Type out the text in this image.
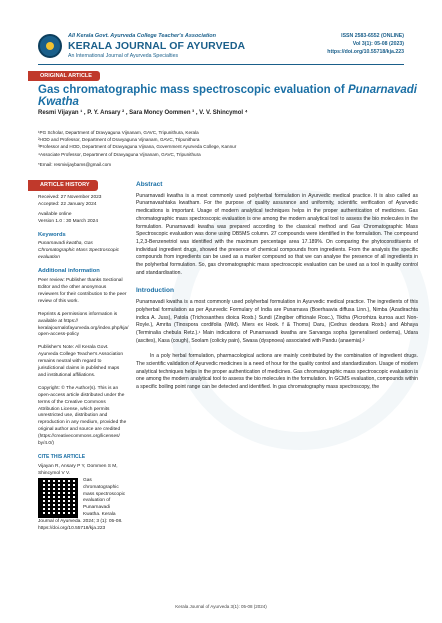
All Kerala Govt. Ayurveda College Teacher's Association
KERALA JOURNAL OF AYURVEDA
An International Journal of Ayurveda Specialties
ISSN 2583-6552 (ONLINE)
Vol 3(1): 05-08 (2023)
https://doi.org/10.55718/kja.223
ORIGINAL ARTICLE
Gas chromatographic mass spectroscopic evaluation of Punarnavadi Kwatha
Resmi Vijayan ¹ , P. Y. Ansary ² , Sara Moncy Oommen ³ , V. V. Shincymol ⁴
¹PG Scholar, Department of Dravyaguna Vijnanam, GAVC, Tripunithura, Kerala
²HOD and Professor, Department of Dravyaguna Vijnanam, GAVC, Tripunithura
³Professor and HOD, Department of Dravyaguna Vijnana, Government Ayurveda College, Kannur
⁴Associate Professor, Department of Dravyaguna Vijnanam, GAVC, Tripunithura
*Email: resmivijaybams@gmail.com
ARTICLE HISTORY
Received: 27 November 2023
Accepted: 22 January 2024
Available online
Version 1.0 : 30 March 2024
Keywords
Punarnavadi kwatha, Gas Chromatographic Mass Spectroscopic evaluation
Additional information
Peer review: Publisher thanks Sectional Editor and the other anonymous reviewers for their contribution to the peer review of this work.
Reprints & permissions information is available at https:// keralajournalofayurveda.org/index.php/kja/ open-access-policy
Publisher's Note: All Kerala Govt. Ayurveda College Teacher's Association remains neutral with regard to jurisdictional claims in published maps and institutional affiliations.
Copyright: © The Author(s). This is an open-access article distributed under the terms of the Creative Commons Attribution License, which permits unrestricted use, distribution and reproduction in any medium, provided the original author and source are credited (https://creativecommons.org/licenses/ by/4.0/)
CITE THIS ARTICLE
Vijayan R, Ansary P Y, Oommen S M, Shincymol V V.
Gas chromatographic mass spectroscopic evaluation of Punarnavadi Kwatha. Kerala Journal of Ayurveda. 2024; 3 (1): 05-08. https://doi.org/10.55718/kja.223
Abstract
Punarnavadi kwatha is a most commonly used polyherbal formulation in Ayurvedic medical practice. It is also called as Punarnavashtaka kwatham. For the purpose of quality assurance and uniformity, scientific verification of Ayurvedic medications is important. Usage of modern analytical techniques helps in the proper authentication of medicines. Gas chromatographic mass spectroscopic evaluation is one among the modern analytical tool to assess the bio molecules in the formulation. Punarnavadi kwatha was prepared according to the classical method and Gas Chromatographic Mass Spectroscopic evaluation was done using DB5MS column. 27 compounds were identified in the formulation. The compound 1,2,3-Benzenetriol was identified with the maximum percentage area 17.189%. On comparing the phytoconstituents of individual ingredient drugs, showed the presence of chemical compounds from ingredients. From the analysis the specific compounds from ingredients can be used as a marker compound so that we can analyse the presence of all ingredients in the polyherbal formulation. So, gas chromatographic mass spectroscopic evaluation can be used as a tool in quality control and standardisation.
Introduction
Punarnavadi kwatha is a most commonly used polyherbal formulation in Ayurvedic medical practice. The ingredients of this polyherbal formulation as per Ayurvedic Formulary of India are Punarnava (Boerhaavia diffusa Linn.), Nimba (Azadirachta indica A. Juss), Patola (Trichosanthes dioica Roxb.) Sundi (Zingiber officinale Rosc.), Tiktha (Picrorhiza kurroa auct Non-Royle.), Amrita (Tinospora cordifolia (Wild). Miers ex Hook. f & Thoms) Daru, (Cedrus deodara Roxb.) and Abhaya (Terminalia chebula Retz.).¹ Main indications of Punarnavadi kwatha are Sarvanga sopha (generalised oedema), Udara (ascites), Kasa (cough), Soolam (colicky pain), Swasa (dyspnoea) associated with Pandu (anaemia).²
In a poly herbal formulation, pharmacological actions are mainly contributed by the combination of ingredient drugs. The scientific validation of Ayurvedic medicines is a need of hour for the quality control and standardization. Usage of modern analytical techniques helps in the proper authentication of medicines. Gas chromatographic mass spectroscopic evaluation is one among the modern analytical tool to assess the bio molecules in the formulation. In GCMS evaluation, compounds within a specific boiling point range can be detected and identified. In gas chromatography mass spectroscopy, the
Kerala Journal of Ayurveda 3(1): 05-08 (2024)
